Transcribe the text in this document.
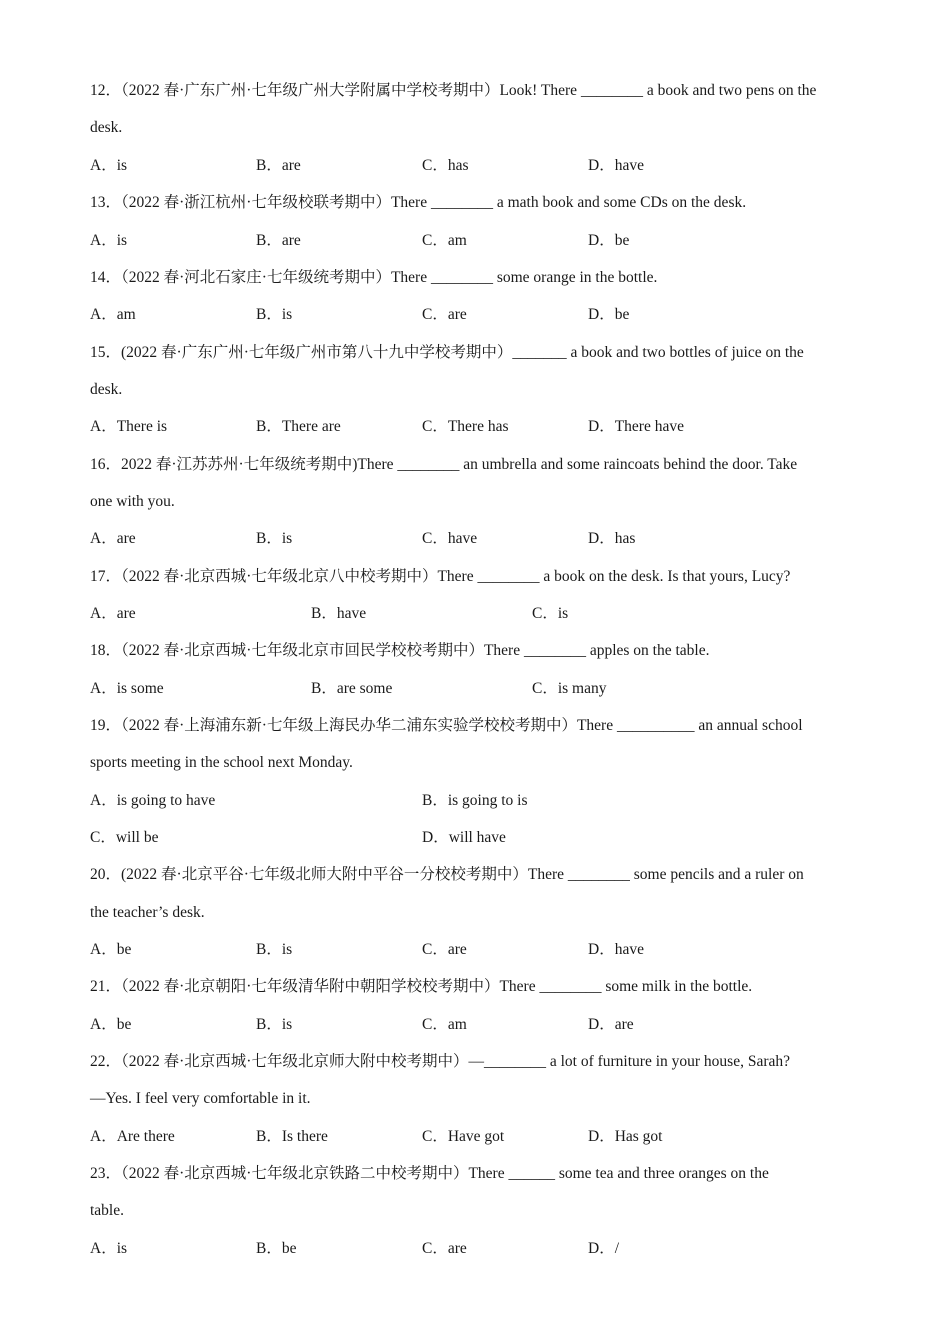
12．（2022 春·广东广州·七年级广州大学附属中学校考期中）Look! There ________ a book and two pens on the
desk.
A．is	B．are	C．has	D．have
13．（2022 春·浙江杭州·七年级校联考期中）There ________ a math book and some CDs on the desk.
A．is	B．are	C．am	D．be
14．（2022 春·河北石家庄·七年级统考期中）There ________ some orange in the bottle.
A．am	B．is	C．are	D．be
15．(2022 春·广东广州·七年级广州市第八十九中学校考期中）_______ a book and two bottles of juice on the
desk.
A．There is	B．There are	C．There has	D．There have
16．2022 春·江苏苏州·七年级统考期中)There ________ an umbrella and some raincoats behind the door. Take
one with you.
A．are	B．is	C．have	D．has
17．（2022 春·北京西城·七年级北京八中校考期中）There ________ a book on the desk. Is that yours, Lucy?
A．are	B．have	C．is
18．（2022 春·北京西城·七年级北京市回民学校校考期中）There ________ apples on the table.
A．is some	B．are some	C．is many
19．（2022 春·上海浦东新·七年级上海民办华二浦东实验学校校考期中）There __________ an annual school
sports meeting in the school next Monday.
A．is going to have	B．is going to is
C．will be	D．will have
20．(2022 春·北京平谷·七年级北师大附中平谷一分校校考期中）There ________ some pencils and a ruler on
the teacher’s desk.
A．be	B．is	C．are	D．have
21．（2022 春·北京朝阳·七年级清华附中朝阳学校校考期中）There ________ some milk in the bottle.
A．be	B．is	C．am	D．are
22．（2022 春·北京西城·七年级北京师大附中校考期中）—________ a lot of furniture in your house, Sarah?
—Yes. I feel very comfortable in it.
A．Are there	B．Is there	C．Have got	D．Has got
23．（2022 春·北京西城·七年级北京铁路二中校考期中）There ______ some tea and three oranges on the
table.
A．is	B．be	C．are	D．/
